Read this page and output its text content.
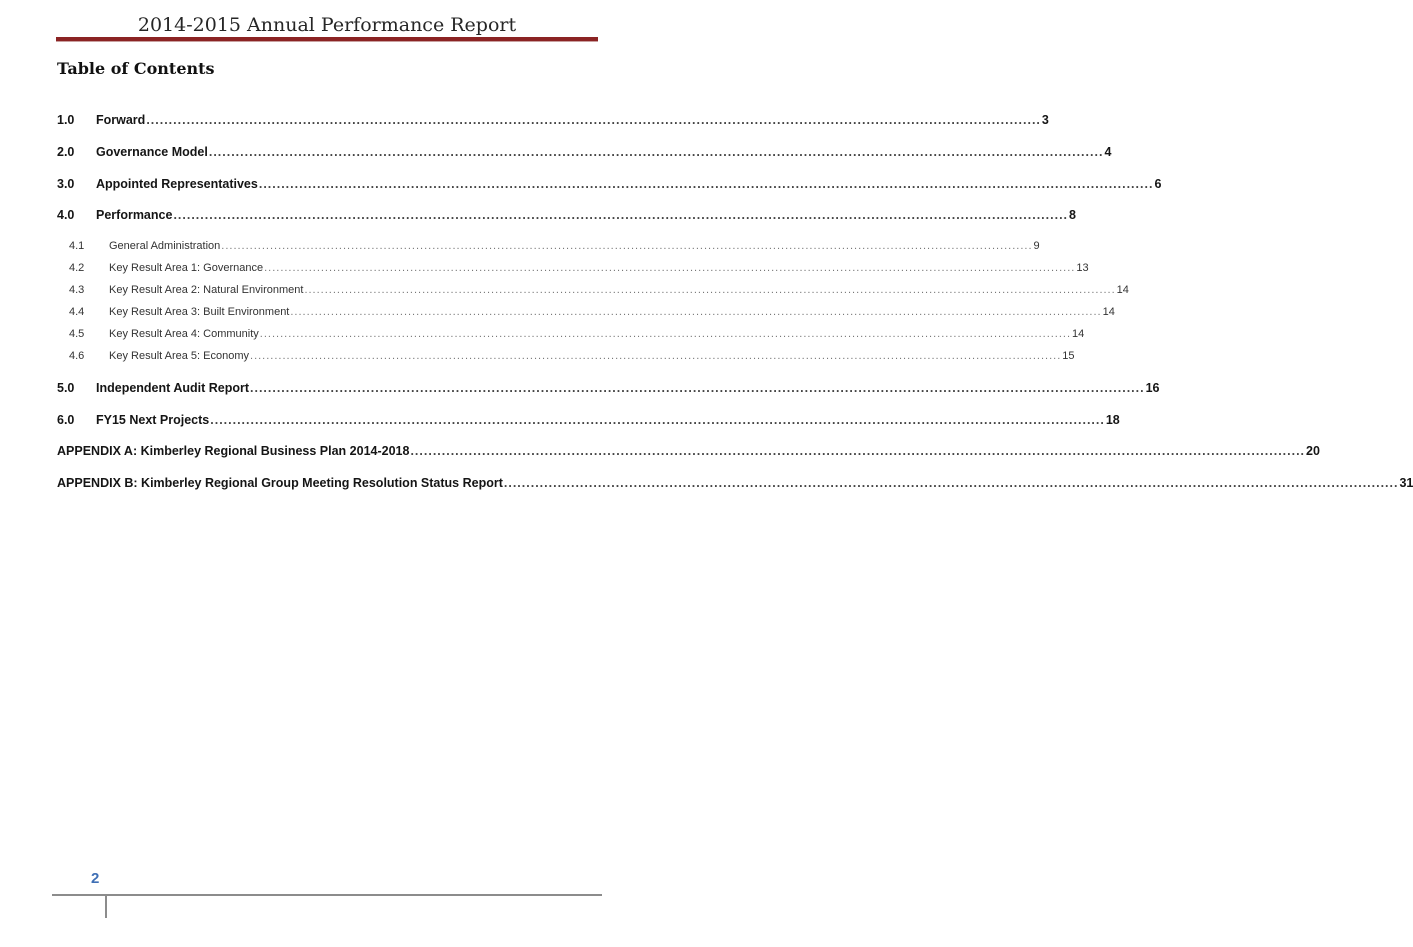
2014-2015 Annual Performance Report
Table of Contents
1.0	Forward ........................................................................................................................................................................................................ 3
2.0	Governance Model ........................................................................................................................................................................................................ 4
3.0	Appointed Representatives ........................................................................................................................................................................................................ 6
4.0	Performance ........................................................................................................................................................................................................ 8
4.1	General Administration ........................................................................................................................................................................................................ 9
4.2	Key Result Area 1: Governance ........................................................................................................................................................................................................ 13
4.3	Key Result Area 2: Natural Environment ........................................................................................................................................................................................................ 14
4.4	Key Result Area 3: Built Environment ........................................................................................................................................................................................................ 14
4.5	Key Result Area 4: Community ........................................................................................................................................................................................................ 14
4.6	Key Result Area 5: Economy ........................................................................................................................................................................................................ 15
5.0	Independent Audit Report ........................................................................................................................................................................................................ 16
6.0	FY15 Next Projects ........................................................................................................................................................................................................ 18
APPENDIX A: Kimberley Regional Business Plan 2014-2018 ........................................................................................................................................................................................................ 20
APPENDIX B: Kimberley Regional Group Meeting Resolution Status Report ........................................................................................................................................................................................................ 31
2
